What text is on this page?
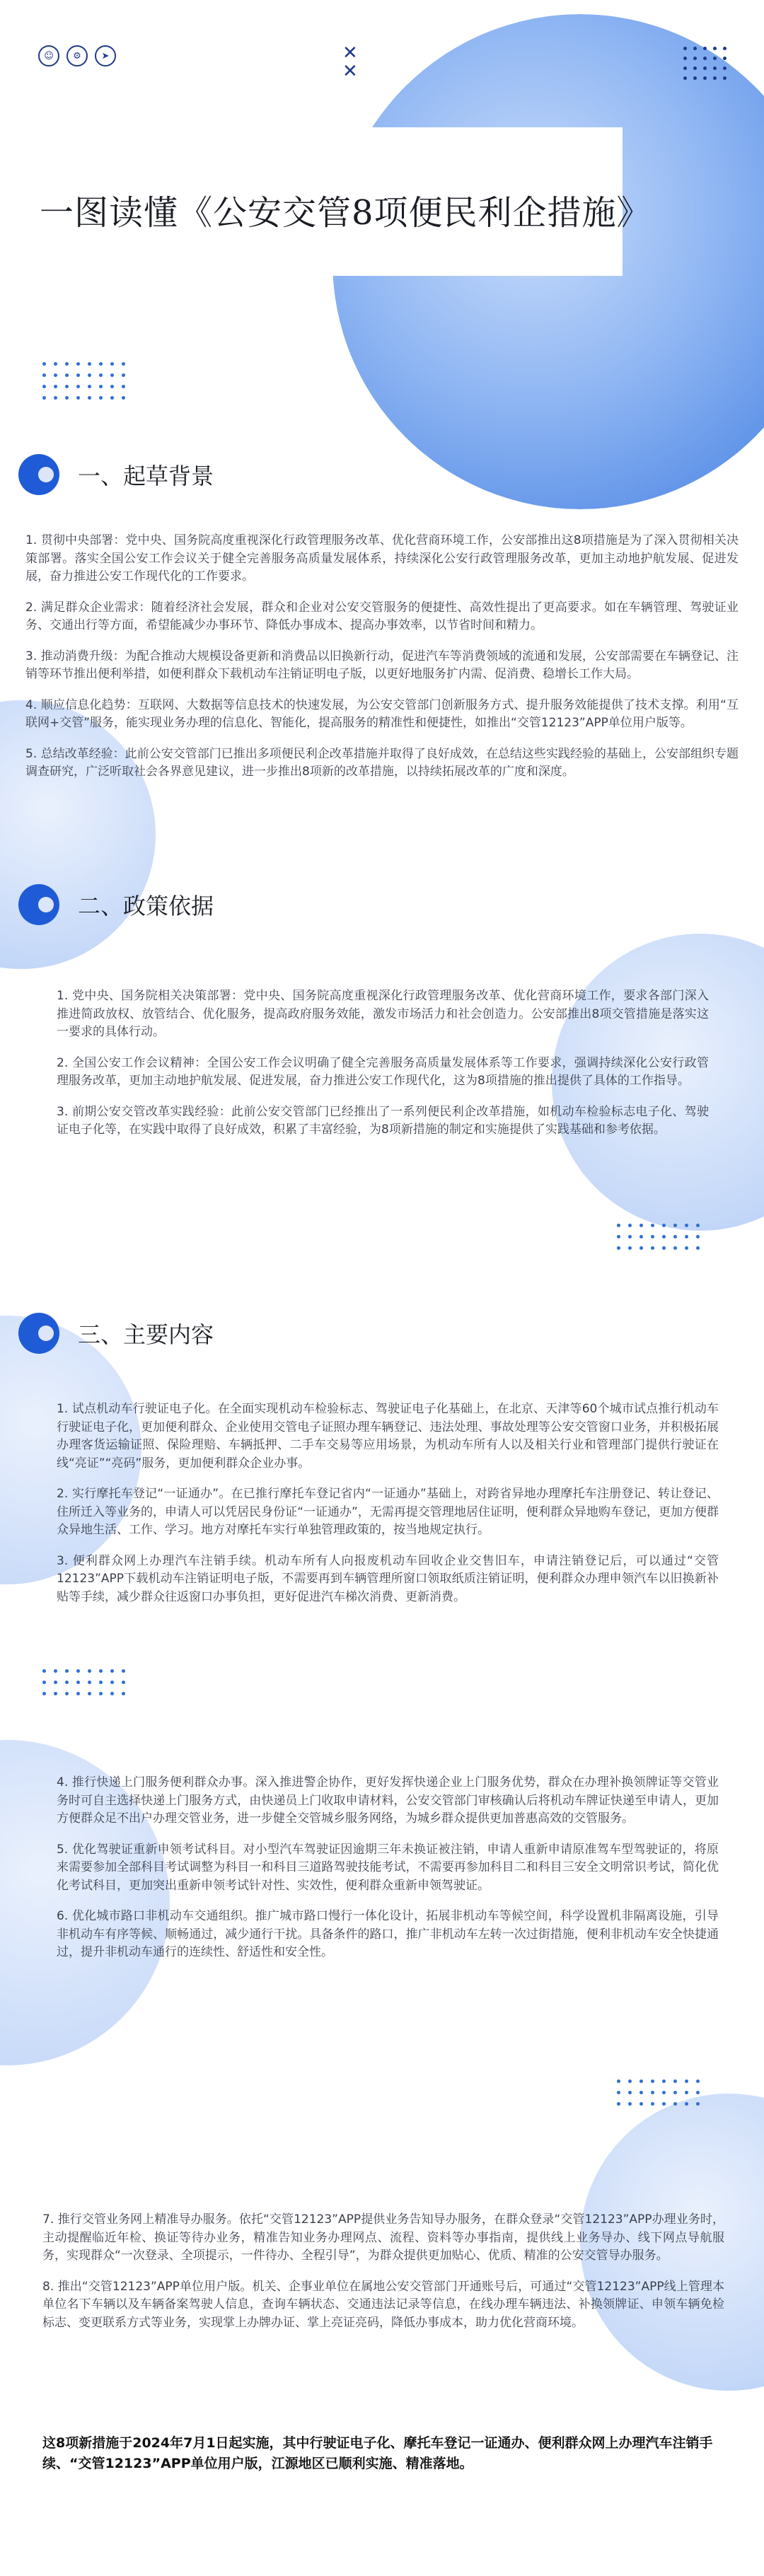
☺	⚙	➤	✕
✕
一图读懂《公安交管8项便民利企措施》
一、起草背景

1. 贯彻中央部署：党中央、国务院高度重视深化行政管理服务改革、优化营商环境工作，公安部推出这8项措施是为了深入贯彻相关决策部署。落实全国公安工作会议关于健全完善服务高质量发展体系，持续深化公安行政管理服务改革，更加主动地护航发展、促进发展，奋力推进公安工作现代化的工作要求。

2. 满足群众企业需求：随着经济社会发展，群众和企业对公安交管服务的便捷性、高效性提出了更高要求。如在车辆管理、驾驶证业务、交通出行等方面，希望能减少办事环节、降低办事成本、提高办事效率，以节省时间和精力。

3. 推动消费升级：为配合推动大规模设备更新和消费品以旧换新行动，促进汽车等消费领域的流通和发展，公安部需要在车辆登记、注销等环节推出便利举措，如便利群众下载机动车注销证明电子版，以更好地服务扩内需、促消费、稳增长工作大局。

4. 顺应信息化趋势：互联网、大数据等信息技术的快速发展，为公安交管部门创新服务方式、提升服务效能提供了技术支撑。利用“互联网+交管”服务，能实现业务办理的信息化、智能化，提高服务的精准性和便捷性，如推出“交管12123”APP单位用户版等。

5. 总结改革经验：此前公安交管部门已推出多项便民利企改革措施并取得了良好成效，在总结这些实践经验的基础上，公安部组织专题调查研究，广泛听取社会各界意见建议，进一步推出8项新的改革措施，以持续拓展改革的广度和深度。

二、政策依据

1. 党中央、国务院相关决策部署：党中央、国务院高度重视深化行政管理服务改革、优化营商环境工作，要求各部门深入推进简政放权、放管结合、优化服务，提高政府服务效能，激发市场活力和社会创造力。公安部推出8项交管措施是落实这一要求的具体行动。

2. 全国公安工作会议精神：全国公安工作会议明确了健全完善服务高质量发展体系等工作要求，强调持续深化公安行政管理服务改革，更加主动地护航发展、促进发展，奋力推进公安工作现代化，这为8项措施的推出提供了具体的工作指导。

3. 前期公安交管改革实践经验：此前公安交管部门已经推出了一系列便民利企改革措施，如机动车检验标志电子化、驾驶证电子化等，在实践中取得了良好成效，积累了丰富经验，为8项新措施的制定和实施提供了实践基础和参考依据。

三、主要内容

1. 试点机动车行驶证电子化。在全面实现机动车检验标志、驾驶证电子化基础上，在北京、天津等60个城市试点推行机动车行驶证电子化，更加便利群众、企业使用交管电子证照办理车辆登记、违法处理、事故处理等公安交管窗口业务，并积极拓展办理客货运输证照、保险理赔、车辆抵押、二手车交易等应用场景，为机动车所有人以及相关行业和管理部门提供行驶证在线“亮证”“亮码”服务，更加便利群众企业办事。

2. 实行摩托车登记“一证通办”。在已推行摩托车登记省内“一证通办”基础上，对跨省异地办理摩托车注册登记、转让登记、住所迁入等业务的，申请人可以凭居民身份证“一证通办”，无需再提交管理地居住证明，便利群众异地购车登记，更加方便群众异地生活、工作、学习。地方对摩托车实行单独管理政策的，按当地规定执行。

3. 便利群众网上办理汽车注销手续。机动车所有人向报废机动车回收企业交售旧车，申请注销登记后，可以通过“交管12123”APP下载机动车注销证明电子版，不需要再到车辆管理所窗口领取纸质注销证明，便利群众办理申领汽车以旧换新补贴等手续，减少群众往返窗口办事负担，更好促进汽车梯次消费、更新消费。

4. 推行快递上门服务便利群众办事。深入推进警企协作，更好发挥快递企业上门服务优势，群众在办理补换领牌证等交管业务时可自主选择快递上门服务方式，由快递员上门收取申请材料，公安交管部门审核确认后将机动车牌证快递至申请人，更加方便群众足不出户办理交管业务，进一步健全交管城乡服务网络，为城乡群众提供更加普惠高效的交管服务。

5. 优化驾驶证重新申领考试科目。对小型汽车驾驶证因逾期三年未换证被注销，申请人重新申请原准驾车型驾驶证的，将原来需要参加全部科目考试调整为科目一和科目三道路驾驶技能考试，不需要再参加科目二和科目三安全文明常识考试，简化优化考试科目，更加突出重新申领考试针对性、实效性，便利群众重新申领驾驶证。

6. 优化城市路口非机动车交通组织。推广城市路口慢行一体化设计，拓展非机动车等候空间，科学设置机非隔离设施，引导非机动车有序等候、顺畅通过，减少通行干扰。具备条件的路口，推广非机动车左转一次过街措施，便利非机动车安全快捷通过，提升非机动车通行的连续性、舒适性和安全性。

7. 推行交管业务网上精准导办服务。依托“交管12123”APP提供业务告知导办服务，在群众登录“交管12123”APP办理业务时，主动提醒临近年检、换证等待办业务，精准告知业务办理网点、流程、资料等办事指南，提供线上业务导办、线下网点导航服务，实现群众“一次登录、全项提示，一件待办、全程引导”，为群众提供更加贴心、优质、精准的公安交管导办服务。

8. 推出“交管12123”APP单位用户版。机关、企事业单位在属地公安交管部门开通账号后，可通过“交管12123”APP线上管理本单位名下车辆以及车辆备案驾驶人信息，查询车辆状态、交通违法记录等信息，在线办理车辆违法、补换领牌证、申领车辆免检标志、变更联系方式等业务，实现掌上办牌办证、掌上亮证亮码，降低办事成本，助力优化营商环境。

这8项新措施于2024年7月1日起实施，其中行驶证电子化、摩托车登记一证通办、便利群众网上办理汽车注销手续、“交管12123”APP单位用户版，江源地区已顺利实施、精准落地。
